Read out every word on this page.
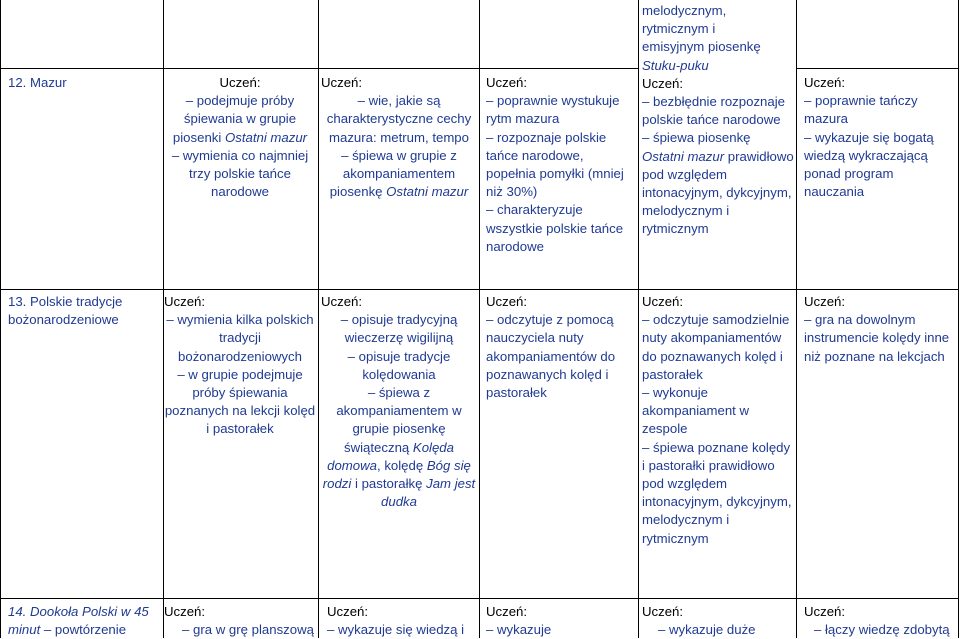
12. Mazur	Uczeń:

– podejmuje próby śpiewania w grupie piosenki Ostatni mazur

– wymienia co najmniej trzy polskie tańce narodowe

Uczeń:

– wie, jakie są charakterystyczne cechy mazura: metrum, tempo

– śpiewa w grupie z akompaniamentem piosenkę Ostatni mazur

Uczeń:

– poprawnie wystukuje rytm mazura

– rozpoznaje polskie tańce narodowe, popełnia pomyłki (mniej niż 30%)

– charakteryzuje wszystkie polskie tańce narodowe

melodycznym,

rytmicznym i

emisyjnym piosenkę

Stuku-puku

Uczeń:

– bezbłędnie rozpoznaje polskie tańce narodowe

– śpiewa piosenkę Ostatni mazur prawidłowo pod względem intonacyjnym, dykcyjnym, melodycznym i rytmicznym

Uczeń:

– poprawnie tańczy mazura

– wykazuje się bogatą wiedzą wykraczającą ponad program nauczania

13. Polskie tradycje bożonarodzeniowe

Uczeń:

– wymienia kilka polskich tradycji bożonarodzeniowych

– w grupie podejmuje próby śpiewania poznanych na lekcji kolęd i pastorałek

Uczeń:

– opisuje tradycyjną wieczerzę wigilijną

– opisuje tradycje kolędowania

– śpiewa z akompaniamentem w grupie piosenkę świąteczną Kolęda domowa, kolędę Bóg się rodzi i pastorałkę Jam jest dudka

Uczeń:

– odczytuje z pomocą nauczyciela nuty akompaniamentów do poznawanych kolęd i pastorałek

Uczeń:

– odczytuje samodzielnie nuty akompaniamentów do poznawanych kolęd i pastorałek

– wykonuje akompaniament w zespole

– śpiewa poznane kolędy i pastorałki prawidłowo pod względem intonacyjnym, dykcyjnym, melodycznym i rytmicznym

Uczeń:

– gra na dowolnym instrumencie kolędy inne niż poznane na lekcjach

14. Dookoła Polski w 45 minut – powtórzenie

Uczeń:

– gra w grę planszową

Uczeń:

– wykazuje się wiedzą i

Uczeń:

– wykazuje

Uczeń:

– wykazuje duże

Uczeń:

– łączy wiedzę zdobytą
